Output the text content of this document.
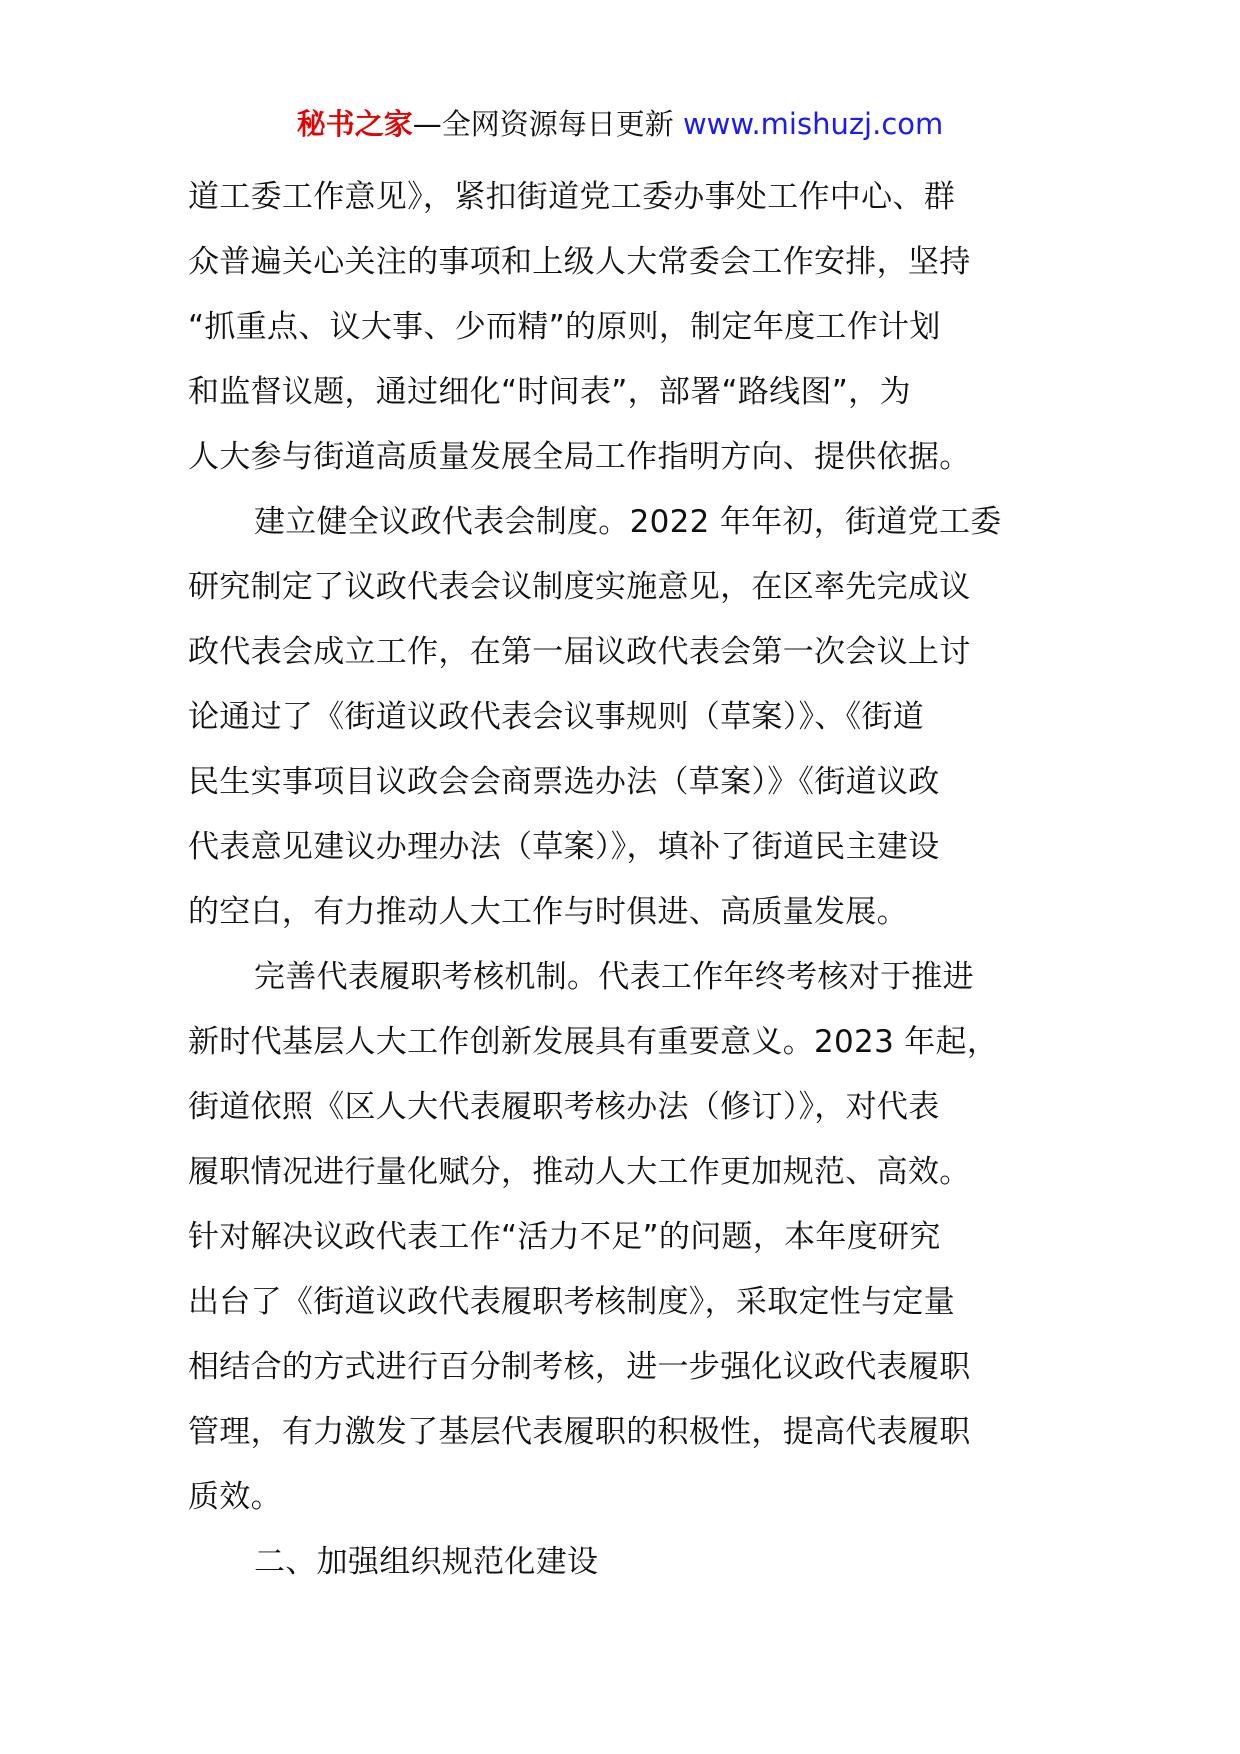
秘书之家—全网资源每日更新 www.mishuzj.com
道工委工作意见》，紧扣街道党工委办事处工作中心、群
众普遍关心关注的事项和上级人大常委会工作安排，坚持
“抓重点、议大事、少而精”的原则，制定年度工作计划
和监督议题，通过细化“时间表”，部署“路线图”，为
人大参与街道高质量发展全局工作指明方向、提供依据。
建立健全议政代表会制度。2022 年年初，街道党工委
研究制定了议政代表会议制度实施意见，在区率先完成议
政代表会成立工作，在第一届议政代表会第一次会议上讨
论通过了《街道议政代表会议事规则（草案）》、《街道
民生实事项目议政会会商票选办法（草案）》《街道议政
代表意见建议办理办法（草案）》，填补了街道民主建设
的空白，有力推动人大工作与时俱进、高质量发展。
完善代表履职考核机制。代表工作年终考核对于推进
新时代基层人大工作创新发展具有重要意义。2023 年起，
街道依照《区人大代表履职考核办法（修订）》，对代表
履职情况进行量化赋分，推动人大工作更加规范、高效。
针对解决议政代表工作“活力不足”的问题，本年度研究
出台了《街道议政代表履职考核制度》，采取定性与定量
相结合的方式进行百分制考核，进一步强化议政代表履职
管理，有力激发了基层代表履职的积极性，提高代表履职
质效。
二、加强组织规范化建设
